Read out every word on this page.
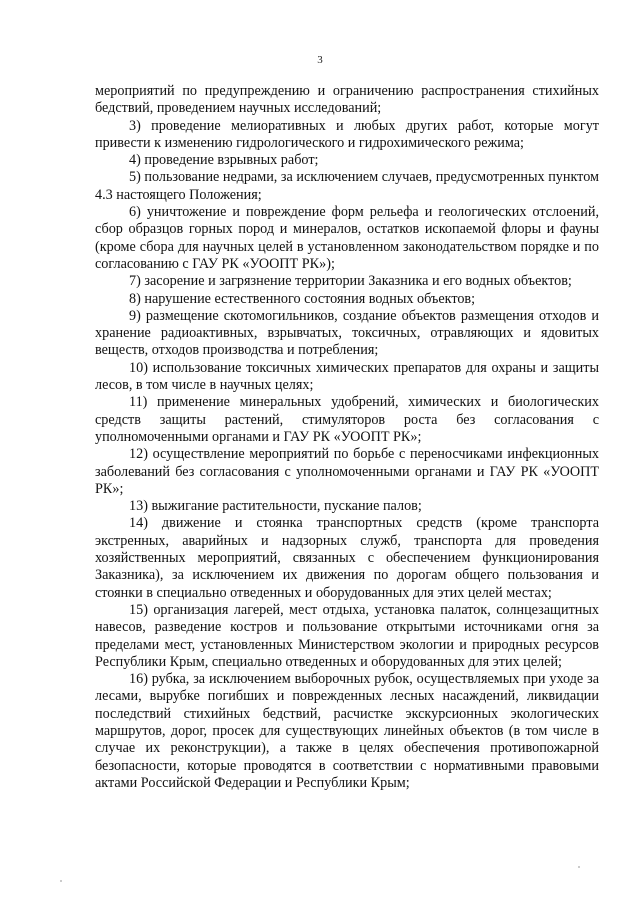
3

мероприятий по предупреждению и ограничению распространения стихийных бедствий, проведением научных исследований;

3) проведение мелиоративных и любых других работ, которые могут привести к изменению гидрологического и гидрохимического режима;

4) проведение взрывных работ;

5) пользование недрами, за исключением случаев, предусмотренных пунктом 4.3 настоящего Положения;

6) уничтожение и повреждение форм рельефа и геологических отслоений, сбор образцов горных пород и минералов, остатков ископаемой флоры и фауны (кроме сбора для научных целей в установленном законодательством порядке и по согласованию с ГАУ РК «УООПТ РК»);

7) засорение и загрязнение территории Заказника и его водных объектов;

8) нарушение естественного состояния водных объектов;

9) размещение скотомогильников, создание объектов размещения отходов и хранение радиоактивных, взрывчатых, токсичных, отравляющих и ядовитых веществ, отходов производства и потребления;

10) использование токсичных химических препаратов для охраны и защиты лесов, в том числе в научных целях;

11) применение минеральных удобрений, химических и биологических средств защиты растений, стимуляторов роста без согласования с уполномоченными органами и ГАУ РК «УООПТ РК»;

12) осуществление мероприятий по борьбе с переносчиками инфекционных заболеваний без согласования с уполномоченными органами и ГАУ РК «УООПТ РК»;

13) выжигание растительности, пускание палов;

14) движение и стоянка транспортных средств (кроме транспорта экстренных, аварийных и надзорных служб, транспорта для проведения хозяйственных мероприятий, связанных с обеспечением функционирования Заказника), за исключением их движения по дорогам общего пользования и стоянки в специально отведенных и оборудованных для этих целей местах;

15) организация лагерей, мест отдыха, установка палаток, солнцезащитных навесов, разведение костров и пользование открытыми источниками огня за пределами мест, установленных Министерством экологии и природных ресурсов Республики Крым, специально отведенных и оборудованных для этих целей;

16) рубка, за исключением выборочных рубок, осуществляемых при уходе за лесами, вырубке погибших и поврежденных лесных насаждений, ликвидации последствий стихийных бедствий, расчистке экскурсионных экологических маршрутов, дорог, просек для существующих линейных объектов (в том числе в случае их реконструкции), а также в целях обеспечения противопожарной безопасности, которые проводятся в соответствии с нормативными правовыми актами Российской Федерации и Республики Крым;
